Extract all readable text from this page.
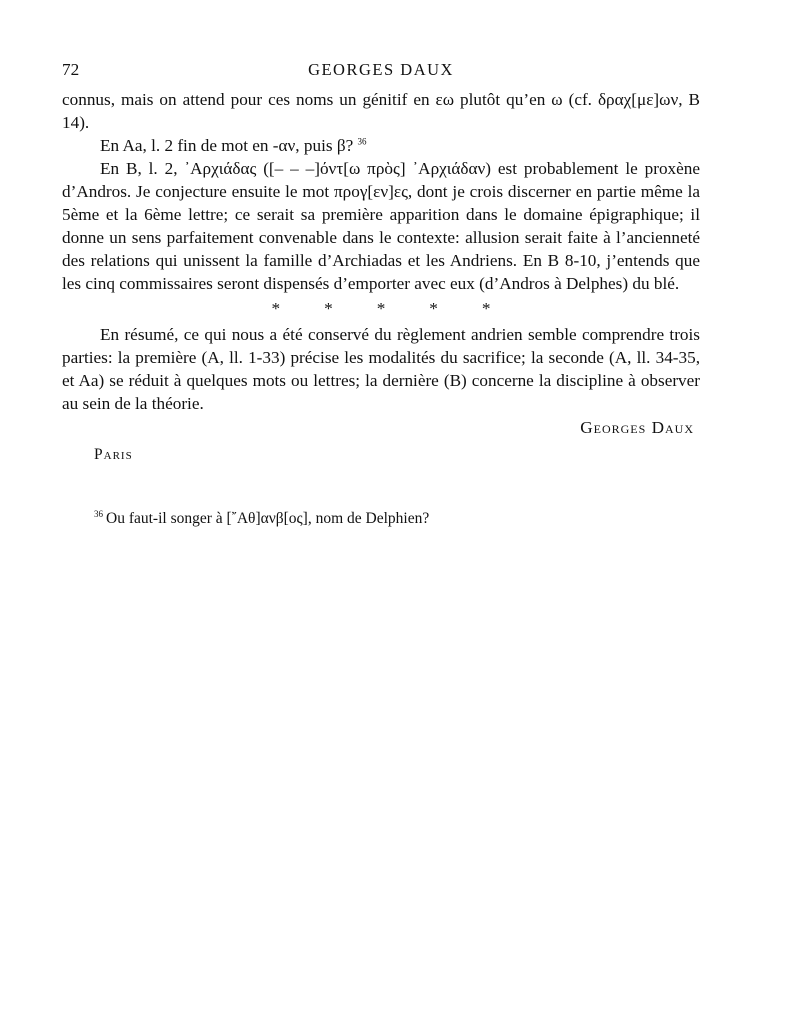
72	GEORGES DAUX

connus, mais on attend pour ces noms un génitif en εω plutôt qu’en ω (cf. δραχ[με]ων, B 14).

En Aa, l. 2 fin de mot en -αν, puis β? $^{36}$

En B, l. 2, ᾿Αρχιάδας ([– – –]όντ[ω πρὸς] ᾿Αρχιάδαν) est probablement le proxène d’Andros. Je conjecture ensuite le mot προγ[εν]ες, dont je crois discerner en partie même la 5ème et la 6ème lettre; ce serait sa première apparition dans le domaine épigraphique; il donne un sens parfaitement convenable dans le contexte: allusion serait faite à l’ancienneté des relations qui unissent la famille d’Archiadas et les Andriens. En B 8-10, j’entends que les cinq commissaires seront dispensés d’emporter avec eux (d’Andros à Delphes) du blé.

*	*	*	*	*

En résumé, ce qui nous a été conservé du règlement andrien semble comprendre trois parties: la première (A, ll. 1-33) précise les modalités du sacrifice; la seconde (A, ll. 34-35, et Aa) se réduit à quelques mots ou lettres; la dernière (B) concerne la discipline à observer au sein de la théorie.

Georges Daux
Paris
$^{36}$ Ou faut-il songer à [῎Αθ]ανβ[ος], nom de Delphien?
